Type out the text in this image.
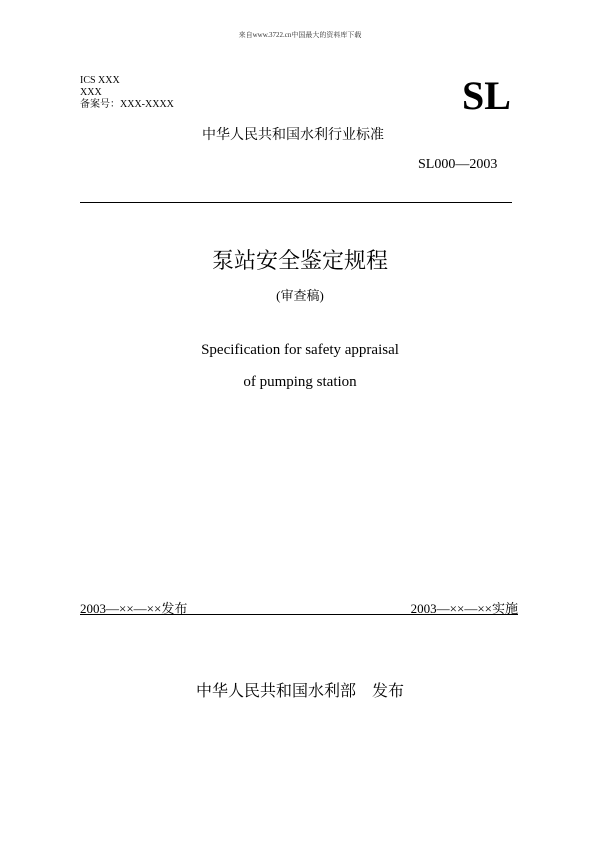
来自www.3722.cn中国最大的资料库下载
ICS XXX
XXX
备案号：XXX-XXXX	SL
中华人民共和国水利行业标准
SL000—2003
泵站安全鉴定规程
(审查稿)
Specification for safety appraisal
of pumping station
2003—××—××发布	2003—××—××实施
中华人民共和国水利部　发布
